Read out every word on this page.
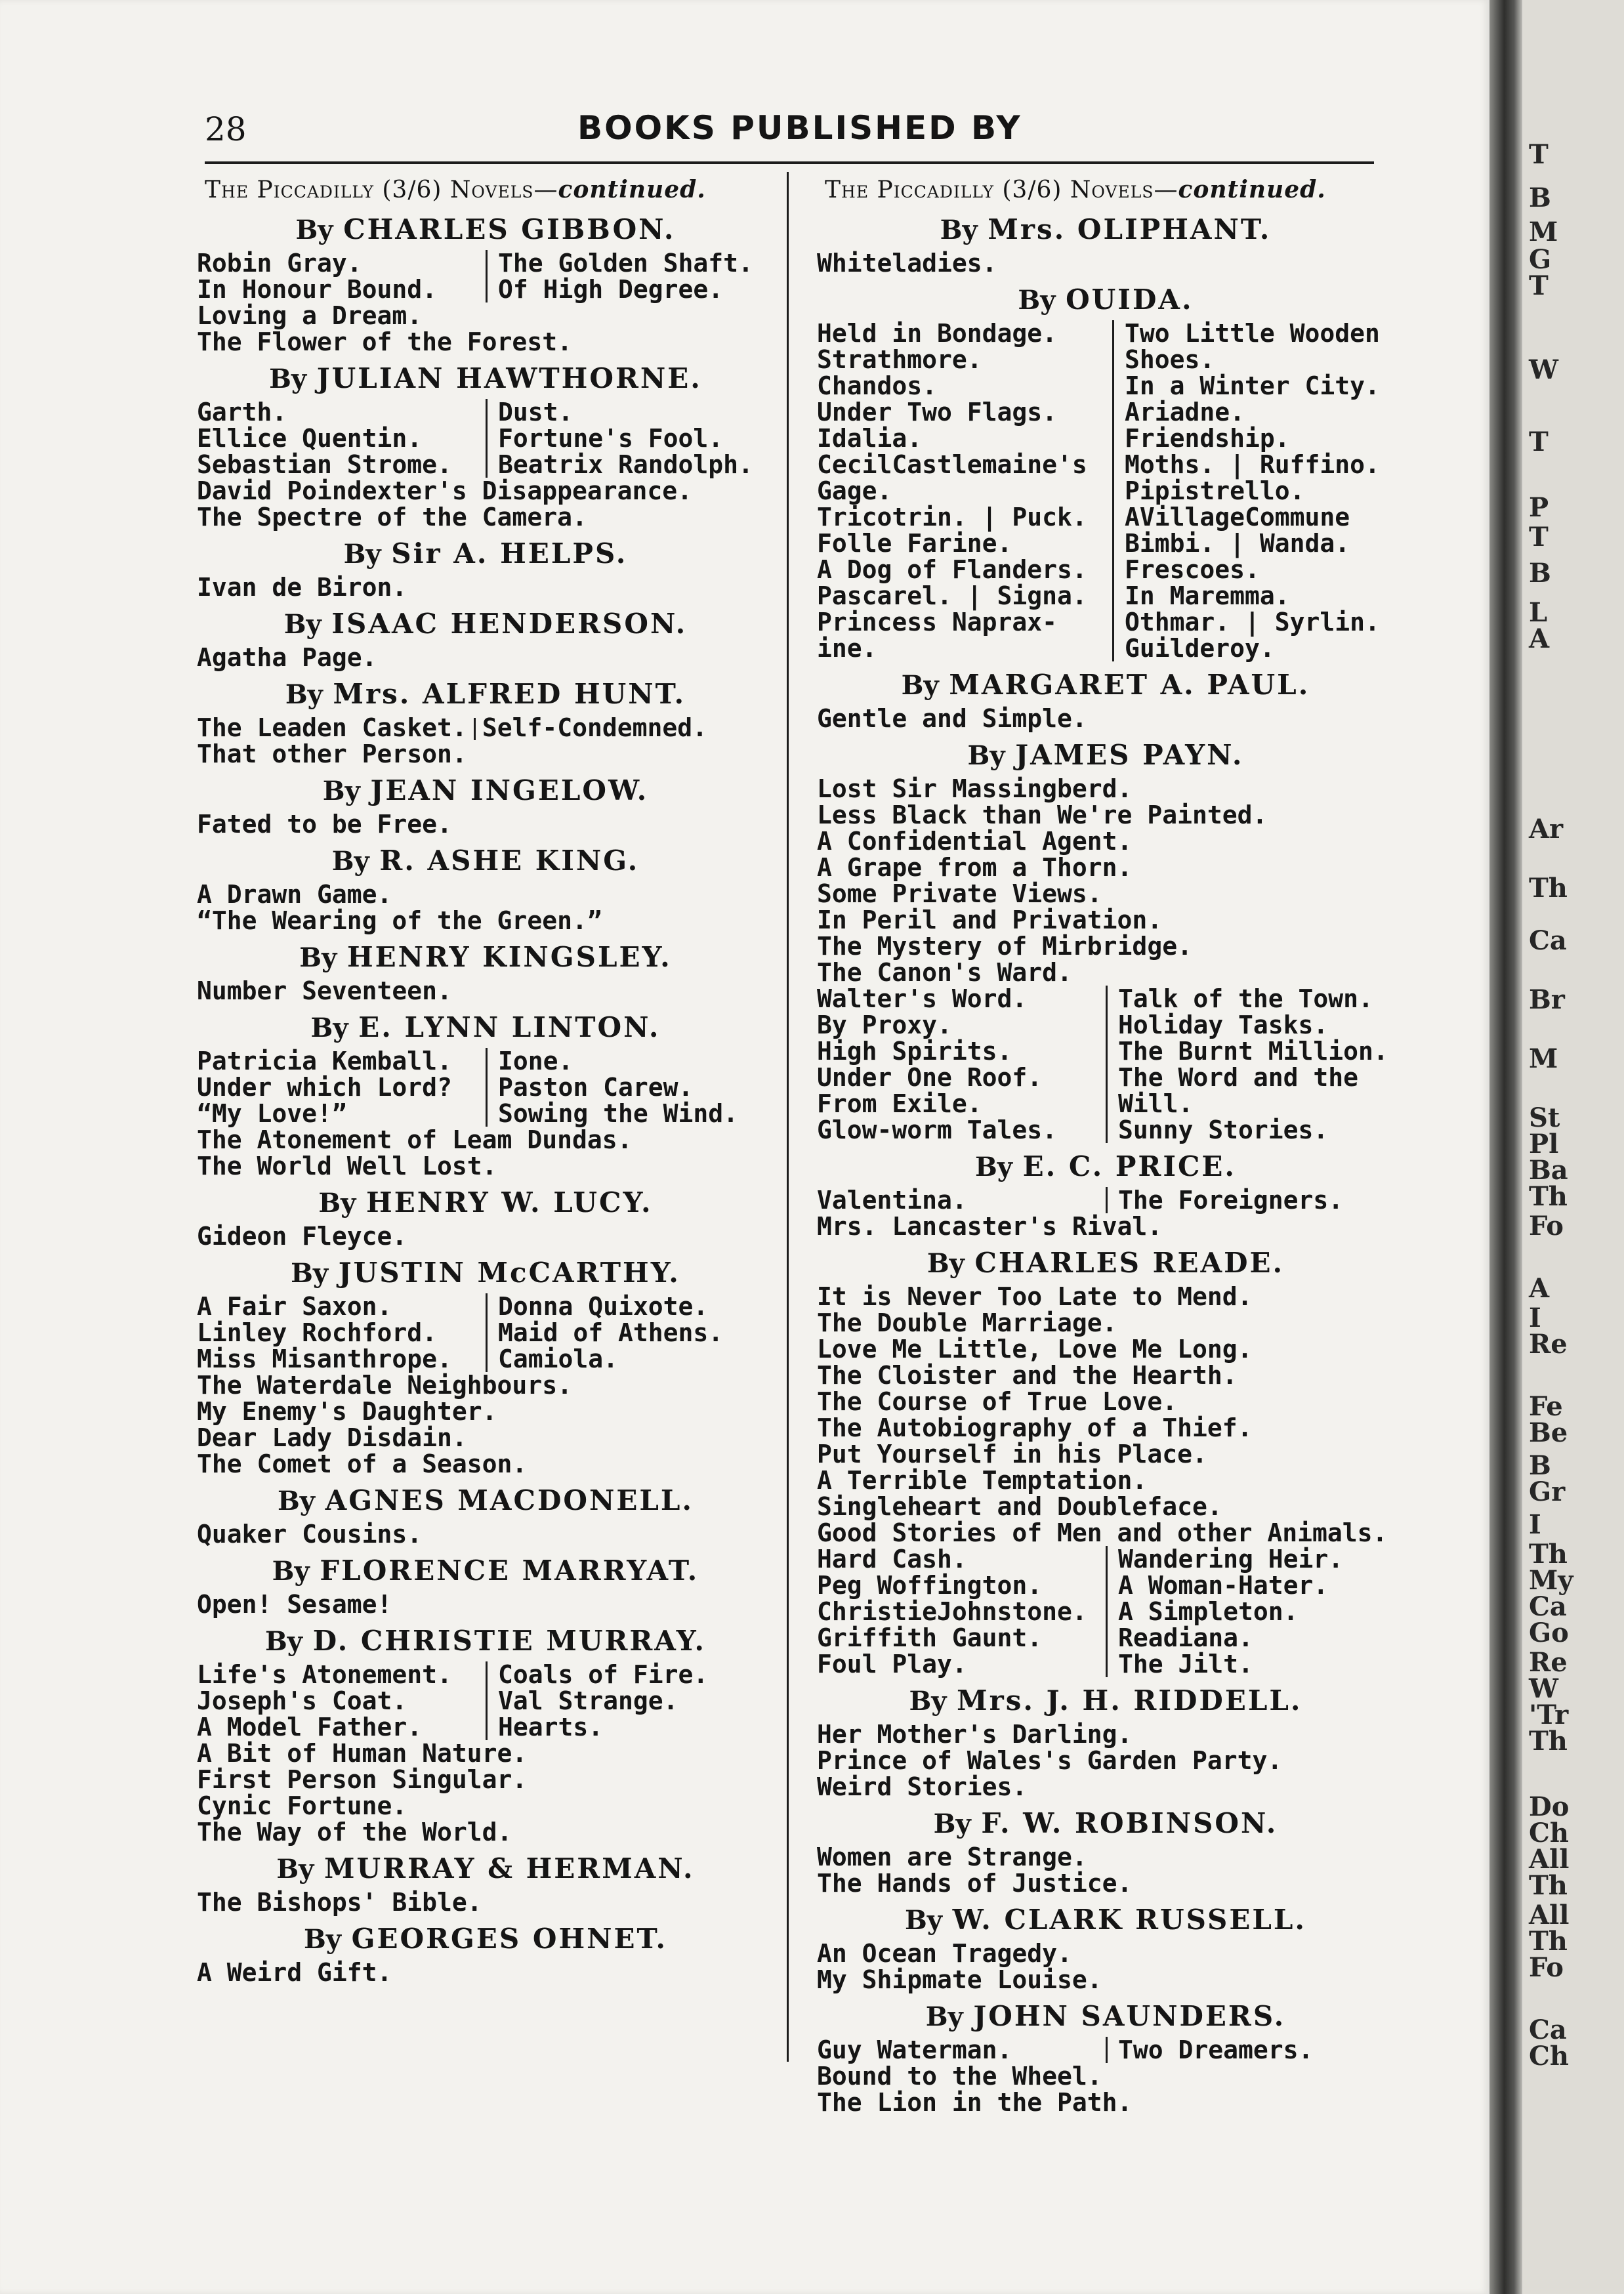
28	BOOKS PUBLISHED BY
The Piccadilly (3/6) Novels—continued.
By CHARLES GIBBON.
Robin Gray.	The Golden Shaft.
In Honour Bound.	Of High Degree.
Loving a Dream.
The Flower of the Forest.
By JULIAN HAWTHORNE.
Garth.	Dust.
Ellice Quentin.	Fortune's Fool.
Sebastian Strome.	Beatrix Randolph.
David Poindexter's Disappearance.
The Spectre of the Camera.
By Sir A. HELPS.
Ivan de Biron.
By ISAAC HENDERSON.
Agatha Page.
By Mrs. ALFRED HUNT.
The Leaden Casket. Self-Condemned.
That other Person.
By JEAN INGELOW.
Fated to be Free.
By R. ASHE KING.
A Drawn Game.
“The Wearing of the Green.”
By HENRY KINGSLEY.
Number Seventeen.
By E. LYNN LINTON.
Patricia Kemball.	Ione.
Under which Lord?	Paston Carew.
“My Love!”	Sowing the Wind.
The Atonement of Leam Dundas.
The World Well Lost.
By HENRY W. LUCY.
Gideon Fleyce.
By JUSTIN McCARTHY.
A Fair Saxon.	Donna Quixote.
Linley Rochford.	Maid of Athens.
Miss Misanthrope.	Camiola.
The Waterdale Neighbours.
My Enemy's Daughter.
Dear Lady Disdain.
The Comet of a Season.
By AGNES MACDONELL.
Quaker Cousins.
By FLORENCE MARRYAT.
Open! Sesame!
By D. CHRISTIE MURRAY.
Life's Atonement.	Coals of Fire.
Joseph's Coat.	Val Strange.
A Model Father.	Hearts.
A Bit of Human Nature.
First Person Singular.
Cynic Fortune.
The Way of the World.
By MURRAY & HERMAN.
The Bishops' Bible.
By GEORGES OHNET.
A Weird Gift.
The Piccadilly (3/6) Novels—continued.
By Mrs. OLIPHANT.
Whiteladies.
By OUIDA.
Held in Bondage.	Two Little Wooden
Strathmore.	Shoes.
Chandos.	In a Winter City.
Under Two Flags.	Ariadne.
Idalia.	Friendship.
CecilCastlemaine's	Moths. | Ruffino.
Gage.	Pipistrello.
Tricotrin. | Puck.	AVillageCommune
Folle Farine.	Bimbi. | Wanda.
A Dog of Flanders.	Frescoes.
Pascarel. | Signa.	In Maremma.
Princess Naprax-	Othmar. | Syrlin.
ine.	Guilderoy.
By MARGARET A. PAUL.
Gentle and Simple.
By JAMES PAYN.
Lost Sir Massingberd.
Less Black than We're Painted.
A Confidential Agent.
A Grape from a Thorn.
Some Private Views.
In Peril and Privation.
The Mystery of Mirbridge.
The Canon's Ward.
Walter's Word.	Talk of the Town.
By Proxy.	Holiday Tasks.
High Spirits.	The Burnt Million.
Under One Roof.	The Word and the
From Exile.	Will.
Glow-worm Tales.	Sunny Stories.
By E. C. PRICE.
Valentina.	The Foreigners.
Mrs. Lancaster's Rival.
By CHARLES READE.
It is Never Too Late to Mend.
The Double Marriage.
Love Me Little, Love Me Long.
The Cloister and the Hearth.
The Course of True Love.
The Autobiography of a Thief.
Put Yourself in his Place.
A Terrible Temptation.
Singleheart and Doubleface.
Good Stories of Men and other Animals.
Hard Cash.	Wandering Heir.
Peg Woffington.	A Woman-Hater.
ChristieJohnstone.	A Simpleton.
Griffith Gaunt.	Readiana.
Foul Play.	The Jilt.
By Mrs. J. H. RIDDELL.
Her Mother's Darling.
Prince of Wales's Garden Party.
Weird Stories.
By F. W. ROBINSON.
Women are Strange.
The Hands of Justice.
By W. CLARK RUSSELL.
An Ocean Tragedy.
My Shipmate Louise.
By JOHN SAUNDERS.
Guy Waterman.	Two Dreamers.
Bound to the Wheel.
The Lion in the Path.
T
B
M
G
T
W
T
P
T
B
L
A
Ar
Th
Ca
Br
M
St
Pl
Ba
Th
Fo
A
I
Re
Fe
Be
B
Gr
I
Th
My
Ca
Go
Re
W
'Tr
Th
Do
Ch
All
Th
All
Th
Fo
Ca
Ch
